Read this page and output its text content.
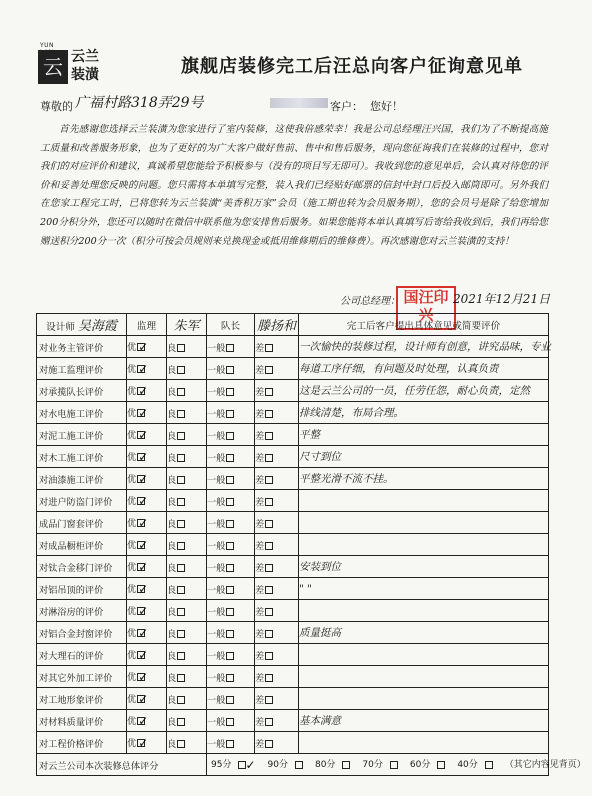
YUN LAN
云 云兰装潢	旗舰店装修完工后汪总向客户征询意见单
尊敬的 广福村路318弄29号	客户： 您好！
首先感谢您选择云兰装潢为您家进行了室内装修，这使我倍感荣幸！我是公司总经理汪兴国，我们为了不断提高施工质量和改善服务形象，也为了更好的为广大客户做好售前、售中和售后服务，现向您征询我们在装修的过程中，您对我们的对应评价和建议，真诚希望您能给予积极参与（没有的项目写无即可）。我收到您的意见单后，会认真对待您的评价和妥善处理您反映的问题。您只需将本单填写完整，装入我们已经贴好邮票的信封中封口后投入邮筒即可。另外我们在您家工程完工时，已将您转为云兰装潢“美香积万家”会员（施工期也转为会员服务期），您的会员号是除了给您增加200分积分外，您还可以随时在微信中联系他为您安排售后服务。如果您能将本单认真填写后寄给我收到后，我们再给您赠送积分200分一次（积分可按会员规则来兑换现金或抵用维修期后的维修费）。再次感谢您对云兰装潢的支持！
公司总经理： 国汪印兴
2021年12月21日
设计师 吴海霞	监理	朱军	队长	滕扬和	完工后客户提出具体意见或简要评价
对业务主管评价	优 ✓	良	一般	差	一次愉快的装修过程，设计师有创意，讲究品味，专业
对施工监理评价	优 ✓	良	一般	差	每道工序仔细，有问题及时处理，认真负责
对承揽队长评价	优 ✓	良	一般	差	这是云兰公司的一员，任劳任怨，耐心负责，定然
对水电施工评价	优 ✓	良	一般	差	排线清楚，布局合理。
对泥工施工评价	优 ✓	良	一般	差	平整
对木工施工评价	优 ✓	良	一般	差	尺寸到位
对油漆施工评价	优 ✓	良	一般	差	平整光滑不流不挂。
对进户防盗门评价	优 ✓	良	一般	差	
成品门窗套评价	优 ✓	良	一般	差	
对成品橱柜评价	优 ✓	良	一般	差	
对钛合金移门评价	优 ✓	良	一般	差	安装到位
对铝吊顶的评价	优 ✓	良	一般	差	" "
对淋浴房的评价	优 ✓	良	一般	差	
对铝合金封窗评价	优 ✓	良	一般	差	质量挺高
对大理石的评价	优 ✓	良	一般	差	
对其它外加工评价	优 ✓	良	一般	差	
对工地形象评价	优 ✓	良	一般	差	
对材料质量评价	优 ✓	良	一般	差	基本满意
对工程价格评价	优 ✓	良	一般	差	
对云兰公司本次装修总体评分			95分 ✓ 90分 80分 70分 60分 40分 （其它内容见背页）		
